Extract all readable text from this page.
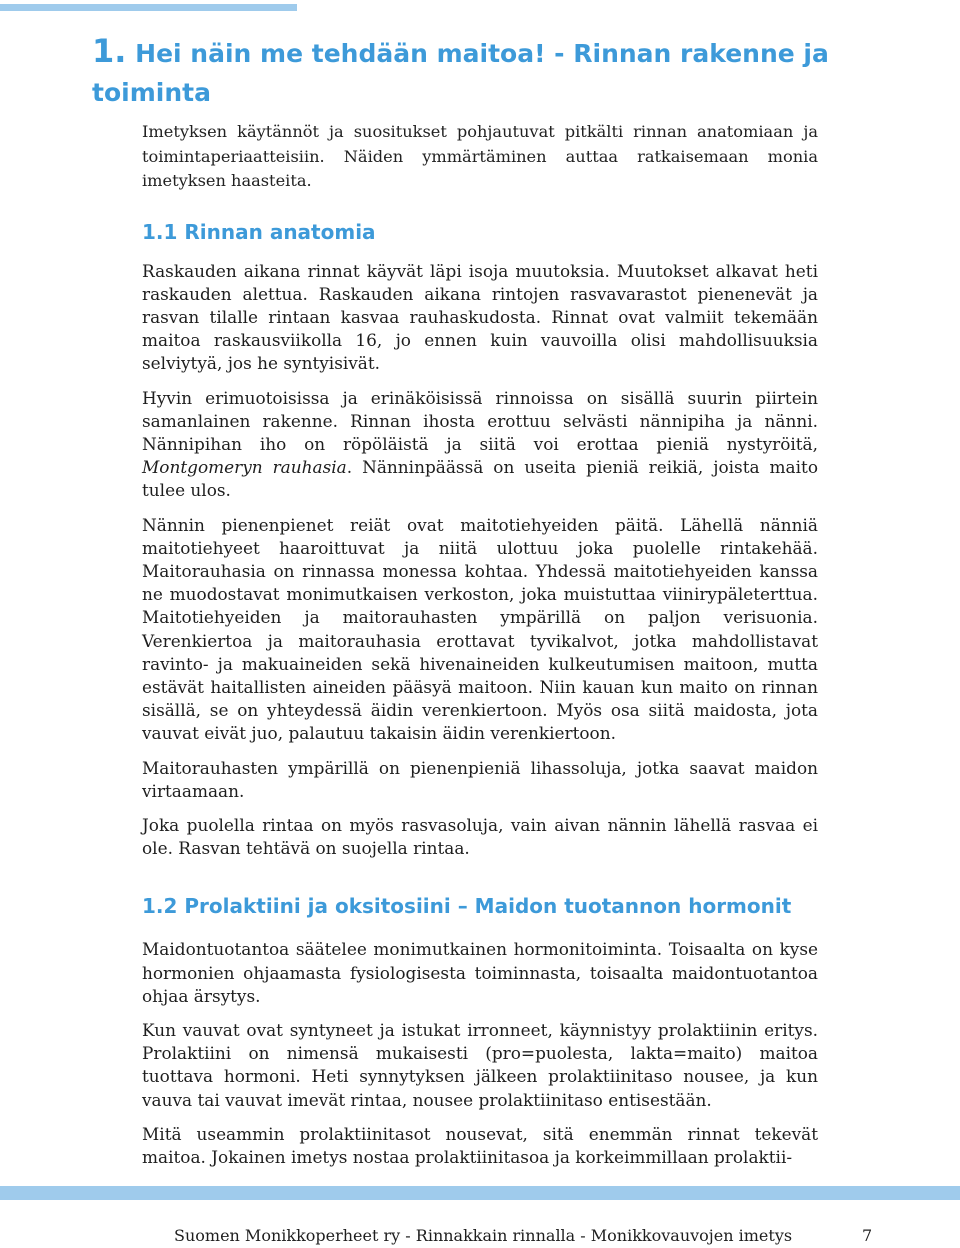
1. Hei näin me tehdään maitoa! - Rinnan rakenne ja toiminta

Imetyksen käytännöt ja suositukset pohjautuvat pitkälti rinnan anatomiaan ja toimintaperiaatteisiin. Näiden ymmärtäminen auttaa ratkaisemaan monia imetyksen haasteita.

1.1 Rinnan anatomia

Raskauden aikana rinnat käyvät läpi isoja muutoksia. Muutokset alkavat heti raskauden alettua. Raskauden aikana rintojen rasvavarastot pienenevät ja rasvan tilalle rintaan kasvaa rauhaskudosta. Rinnat ovat valmiit tekemään maitoa raskausviikolla 16, jo ennen kuin vauvoilla olisi mahdollisuuksia selviytyä, jos he syntyisivät.

Hyvin erimuotoisissa ja erinäköisissä rinnoissa on sisällä suurin piirtein samanlainen rakenne. Rinnan ihosta erottuu selvästi nännipiha ja nänni. Nännipihan iho on röpöläistä ja siitä voi erottaa pieniä nystyröitä, Montgomeryn rauhasia. Nänninpäässä on useita pieniä reikiä, joista maito tulee ulos.

Nännin pienenpienet reiät ovat maitotiehyeiden päitä. Lähellä nänniä maitotiehyeet haaroittuvat ja niitä ulottuu joka puolelle rintakehää. Maitorauhasia on rinnassa monessa kohtaa. Yhdessä maitotiehyeiden kanssa ne muodostavat monimutkaisen verkoston, joka muistuttaa viinirypäleterttua. Maitotiehyeiden ja maitorauhasten ympärillä on paljon verisuonia. Verenkiertoa ja maitorauhasia erottavat tyvikalvot, jotka mahdollistavat ravinto- ja makuaineiden sekä hivenaineiden kulkeutumisen maitoon, mutta estävät haitallisten aineiden pääsyä maitoon. Niin kauan kun maito on rinnan sisällä, se on yhteydessä äidin verenkiertoon. Myös osa siitä maidosta, jota vauvat eivät juo, palautuu takaisin äidin verenkiertoon.

Maitorauhasten ympärillä on pienenpieniä lihassoluja, jotka saavat maidon virtaamaan.

Joka puolella rintaa on myös rasvasoluja, vain aivan nännin lähellä rasvaa ei ole. Rasvan tehtävä on suojella rintaa.

1.2 Prolaktiini ja oksitosiini – Maidon tuotannon hormonit

Maidontuotantoa säätelee monimutkainen hormonitoiminta. Toisaalta on kyse hormonien ohjaamasta fysiologisesta toiminnasta, toisaalta maidontuotantoa ohjaa ärsytys.

Kun vauvat ovat syntyneet ja istukat irronneet, käynnistyy prolaktiinin eritys. Prolaktiini on nimensä mukaisesti (pro=puolesta, lakta=maito) maitoa tuottava hormoni. Heti synnytyksen jälkeen prolaktiinitaso nousee, ja kun vauva tai vauvat imevät rintaa, nousee prolaktiinitaso entisestään.

Mitä useammin prolaktiinitasot nousevat, sitä enemmän rinnat tekevät maitoa. Jokainen imetys nostaa prolaktiinitasoa ja korkeimmillaan prolaktii-

Suomen Monikkoperheet ry - Rinnakkain rinnalla - Monikkovauvojen imetys	7
